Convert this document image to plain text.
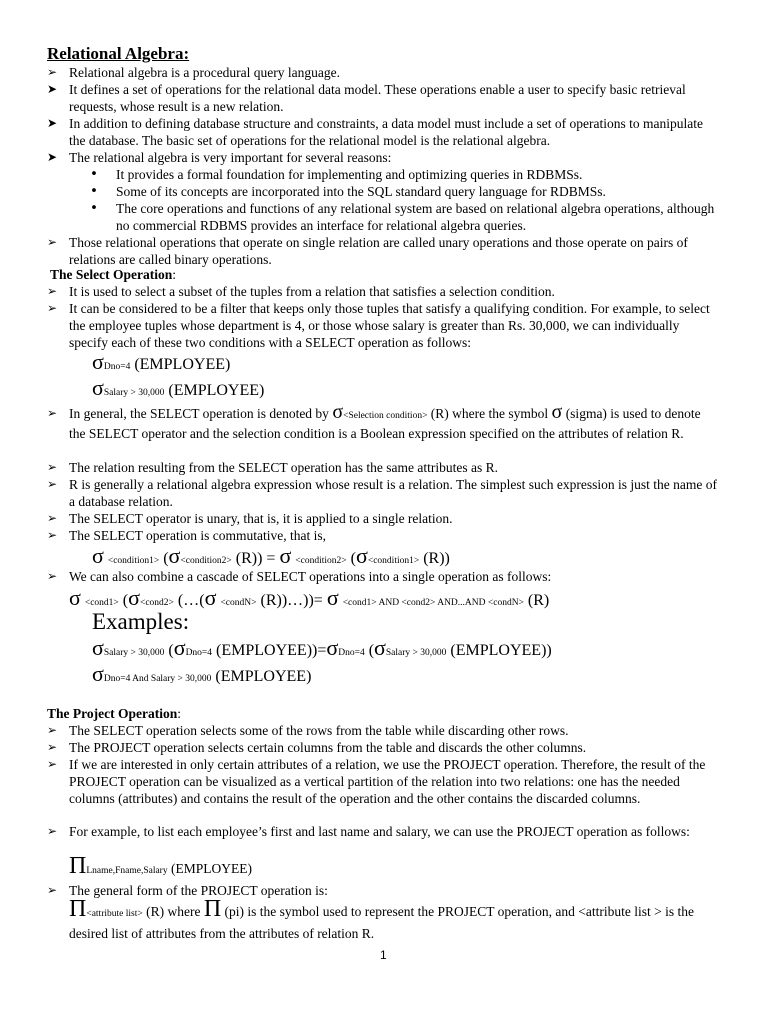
Relational Algebra:
➢ Relational algebra is a procedural query language.
➤ It defines a set of operations for the relational data model. These operations enable a user to specify basic retrieval requests, whose result is a new relation.
➤ In addition to defining database structure and constraints, a data model must include a set of operations to manipulate the database. The basic set of operations for the relational model is the relational algebra.
➤ The relational algebra is very important for several reasons:
• It provides a formal foundation for implementing and optimizing queries in RDBMSs.
• Some of its concepts are incorporated into the SQL standard query language for RDBMSs.
• The core operations and functions of any relational system are based on relational algebra operations, although no commercial RDBMS provides an interface for relational algebra queries.
➢ Those relational operations that operate on single relation are called unary operations and those operate on pairs of relations are called binary operations.
The Select Operation:
➢ It is used to select a subset of the tuples from a relation that satisfies a selection condition.
➢ It can be considered to be a filter that keeps only those tuples that satisfy a qualifying condition. For example, to select the employee tuples whose department is 4, or those whose salary is greater than Rs. 30,000, we can individually specify each of these two conditions with a SELECT operation as follows:
σDno=4 (EMPLOYEE)
σSalary > 30,000 (EMPLOYEE)
➢ In general, the SELECT operation is denoted by σ<Selection condition> (R) where the symbol σ (sigma) is used to denote the SELECT operator and the selection condition is a Boolean expression specified on the attributes of relation R.
➢ The relation resulting from the SELECT operation has the same attributes as R.
➢ R is generally a relational algebra expression whose result is a relation. The simplest such expression is just the name of a database relation.
➢ The SELECT operator is unary, that is, it is applied to a single relation.
➢ The SELECT operation is commutative, that is,
σ <condition1> (σ<condition2> (R)) = σ <condition2> (σ<condition1> (R))
➢ We can also combine a cascade of SELECT operations into a single operation as follows:
σ <cond1> (σ<cond2> (…(σ <condN> (R))…))= σ <cond1> AND <cond2> AND...AND <condN> (R)
Examples:
σSalary > 30,000 (σDno=4 (EMPLOYEE))=σDno=4 (σSalary > 30,000 (EMPLOYEE))
σDno=4 And Salary > 30,000 (EMPLOYEE)
The Project Operation:
➢ The SELECT operation selects some of the rows from the table while discarding other rows.
➢ The PROJECT operation selects certain columns from the table and discards the other columns.
➢ If we are interested in only certain attributes of a relation, we use the PROJECT operation. Therefore, the result of the PROJECT operation can be visualized as a vertical partition of the relation into two relations: one has the needed columns (attributes) and contains the result of the operation and the other contains the discarded columns.
➢ For example, to list each employee’s first and last name and salary, we can use the PROJECT operation as follows:
ΠLname,Fname,Salary (EMPLOYEE)
➢ The general form of the PROJECT operation is:
Π<attribute list> (R) where Π (pi) is the symbol used to represent the PROJECT operation, and <attribute list > is the desired list of attributes from the attributes of relation R.
1
